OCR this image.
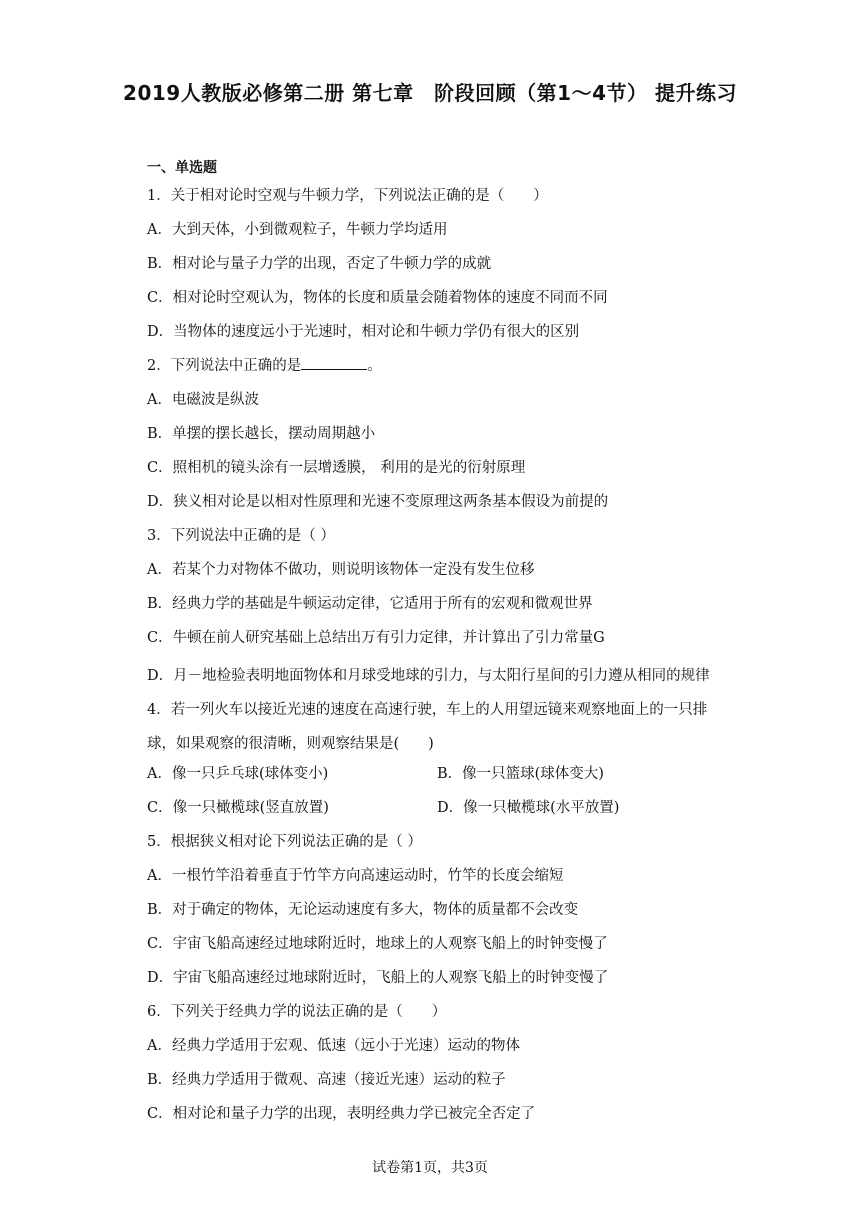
2019人教版必修第二册 第七章　阶段回顾（第1～4节） 提升练习
一、单选题
1．关于相对论时空观与牛顿力学，下列说法正确的是（　　）
A．大到天体，小到微观粒子，牛顿力学均适用
B．相对论与量子力学的出现，否定了牛顿力学的成就
C．相对论时空观认为，物体的长度和质量会随着物体的速度不同而不同
D．当物体的速度远小于光速时，相对论和牛顿力学仍有很大的区别
2．下列说法中正确的是	。
A．电磁波是纵波
B．单摆的摆长越长，摆动周期越小
C．照相机的镜头涂有一层增透膜， 利用的是光的衍射原理
D．狭义相对论是以相对性原理和光速不变原理这两条基本假设为前提的
3．下列说法中正确的是（ ）
A．若某个力对物体不做功，则说明该物体一定没有发生位移
B．经典力学的基础是牛顿运动定律，它适用于所有的宏观和微观世界
C．牛顿在前人研究基础上总结出万有引力定律，并计算出了引力常量G
D．月－地检验表明地面物体和月球受地球的引力，与太阳行星间的引力遵从相同的规律
4．若一列火车以接近光速的速度在高速行驶，车上的人用望远镜来观察地面上的一只排球，如果观察的很清晰，则观察结果是(　　)
A．像一只乒乓球(球体变小)	B．像一只篮球(球体变大)
C．像一只橄榄球(竖直放置)	D．像一只橄榄球(水平放置)
5．根据狭义相对论下列说法正确的是（ ）
A．一根竹竿沿着垂直于竹竿方向高速运动时，竹竿的长度会缩短
B．对于确定的物体，无论运动速度有多大，物体的质量都不会改变
C．宇宙飞船高速经过地球附近时，地球上的人观察飞船上的时钟变慢了
D．宇宙飞船高速经过地球附近时，飞船上的人观察飞船上的时钟变慢了
6．下列关于经典力学的说法正确的是（　　）
A．经典力学适用于宏观、低速（远小于光速）运动的物体
B．经典力学适用于微观、高速（接近光速）运动的粒子
C．相对论和量子力学的出现，表明经典力学已被完全否定了
试卷第1页，共3页
